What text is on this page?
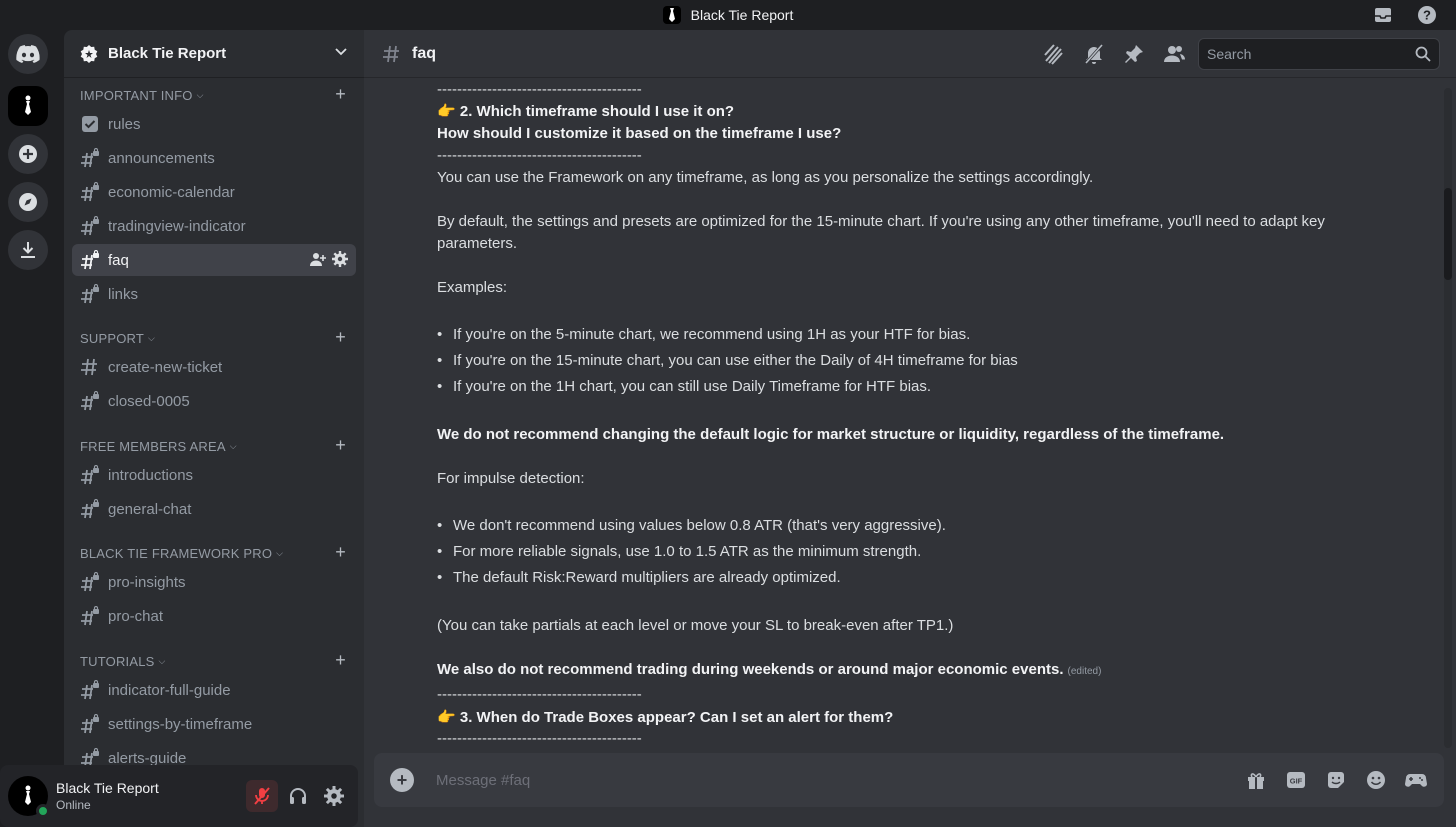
Black Tie Report	?
Black Tie Report
IMPORTANT INFO ⌵	+
rules
announcements
economic-calendar
tradingview-indicator
faq
links
SUPPORT ⌵	+
create-new-ticket
closed-0005
FREE MEMBERS AREA ⌵	+
introductions
general-chat
BLACK TIE FRAMEWORK PRO ⌵	+
pro-insights
pro-chat
TUTORIALS ⌵	+
indicator-full-guide
settings-by-timeframe
alerts-guide
Black Tie Report
Online
faq	Search
-----------------------------------------
👉 2. Which timeframe should I use it on?
How should I customize it based on the timeframe I use?
-----------------------------------------
You can use the Framework on any timeframe, as long as you personalize the settings accordingly.
By default, the settings and presets are optimized for the 15-minute chart. If you're using any other timeframe, you'll need to adapt key
parameters.
Examples:
• If you're on the 5-minute chart, we recommend using 1H as your HTF for bias.
• If you're on the 15-minute chart, you can use either the Daily of 4H timeframe for bias
• If you're on the 1H chart, you can still use Daily Timeframe for HTF bias.
We do not recommend changing the default logic for market structure or liquidity, regardless of the timeframe.
For impulse detection:
• We don't recommend using values below 0.8 ATR (that's very aggressive).
• For more reliable signals, use 1.0 to 1.5 ATR as the minimum strength.
• The default Risk:Reward multipliers are already optimized.
(You can take partials at each level or move your SL to break-even after TP1.)
We also do not recommend trading during weekends or around major economic events. (edited)
-----------------------------------------
👉 3. When do Trade Boxes appear? Can I set an alert for them?
-----------------------------------------
+	Message #faq	GIF
